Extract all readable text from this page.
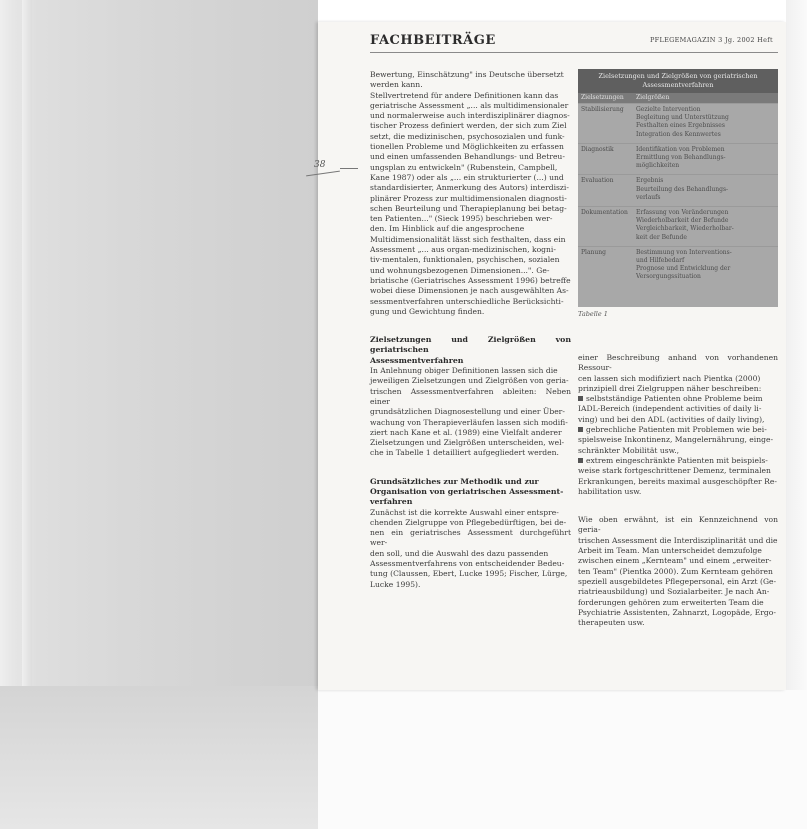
FACHBEITRÄGE	PFLEGEMAGAZIN 3 Jg. 2002 Heft
38
Bewertung, Einschätzung" ins Deutsche übersetzt
werden kann.
Stellvertretend für andere Definitionen kann das
geriatrische Assessment „... als multidimensionaler
und normalerweise auch interdisziplinärer diagnos-
tischer Prozess definiert werden, der sich zum Ziel
setzt, die medizinischen, psychosozialen und funk-
tionellen Probleme und Möglichkeiten zu erfassen
und einen umfassenden Behandlungs- und Betreu-
ungsplan zu entwickeln" (Rubenstein, Campbell,
Kane 1987) oder als „... ein strukturierter (...) und
standardisierter, Anmerkung des Autors) interdiszi-
plinärer Prozess zur multidimensionalen diagnosti-
schen Beurteilung und Therapieplanung bei betag-
ten Patienten..." (Sieck 1995) beschrieben wer-
den. Im Hinblick auf die angesprochene
Multidimensionalität lässt sich festhalten, dass ein
Assessment „... aus organ-medizinischen, kogni-
tiv-mentalen, funktionalen, psychischen, sozialen
und wohnungsbezogenen Dimensionen...". Ge-
briatische (Geriatrisches Assessment 1996) betreffe
wobei diese Dimensionen je nach ausgewählten As-
sessmentverfahren unterschiedliche Berücksichti-
gung und Gewichtung finden.
Zielsetzungen und Zielgrößen von geriatrischen
Assessmentverfahren
In Anlehnung obiger Definitionen lassen sich die
jeweiligen Zielsetzungen und Zielgrößen von geria-
trischen Assessmentverfahren ableiten: Neben einer
grundsätzlichen Diagnosestellung und einer Über-
wachung von Therapieverläufen lassen sich modifi-
ziert nach Kane et al. (1989) eine Vielfalt anderer
Zielsetzungen und Zielgrößen unterscheiden, wel-
che in Tabelle 1 detailliert aufgegliedert werden.
Grundsätzliches zur Methodik und zur
Organisation von geriatrischen Assessment-
verfahren
Zunächst ist die korrekte Auswahl einer entspre-
chenden Zielgruppe von Pflegebedürftigen, bei de-
nen ein geriatrisches Assessment durchgeführt wer-
den soll, und die Auswahl des dazu passenden
Assessmentverfahrens von entscheidender Bedeu-
tung (Claussen, Ebert, Lucke 1995; Fischer, Lürge,
Lucke 1995).
Zielsetzungen und Zielgrößen von geriatrischen Assessmentverfahren
Zielsetzungen Zielgrößen
Stabilisierung Gezielte Intervention
Begleitung und Unterstützung
Festhalten eines Ergebnisses
Integration des Kennwertes
Diagnostik	Identifikation von Problemen
Ermittlung von Behandlungs-
möglichkeiten
Evaluation	Ergebnis
Beurteilung des Behandlungs-
verlaufs
Dokumentation Erfassung von Veränderungen
Wiederholbarkeit der Befunde
Vergleichbarkeit, Wiederholbar-
keit der Befunde
Planung	Bestimmung von Interventions-
und Hilfebedarf
Prognose und Entwicklung der
Versorgungssituation
Tabelle 1
einer Beschreibung anhand von vorhandenen Ressour-
cen lassen sich modifiziert nach Pientka (2000)
prinzipiell drei Zielgruppen näher beschreiben:
selbstständige Patienten ohne Probleme beim
IADL-Bereich (independent activities of daily li-
ving) und bei den ADL (activities of daily living),
gebrechliche Patienten mit Problemen wie bei-
spielsweise Inkontinenz, Mangelernährung, einge-
schränkter Mobilität usw.,
extrem eingeschränkte Patienten mit beispiels-
weise stark fortgeschrittener Demenz, terminalen
Erkrankungen, bereits maximal ausgeschöpfter Re-
habilitation usw.
Wie oben erwähnt, ist ein Kennzeichnend von geria-
trischen Assessment die Interdisziplinarität und die
Arbeit im Team. Man unterscheidet demzufolge
zwischen einem „Kernteam" und einem „erweiter-
ten Team" (Pientka 2000). Zum Kernteam gehören
speziell ausgebildetes Pflegepersonal, ein Arzt (Ge-
riatrieausbildung) und Sozialarbeiter. Je nach An-
forderungen gehören zum erweiterten Team die
Psychiatrie Assistenten, Zahnarzt, Logopäde, Ergo-
therapeuten usw.
